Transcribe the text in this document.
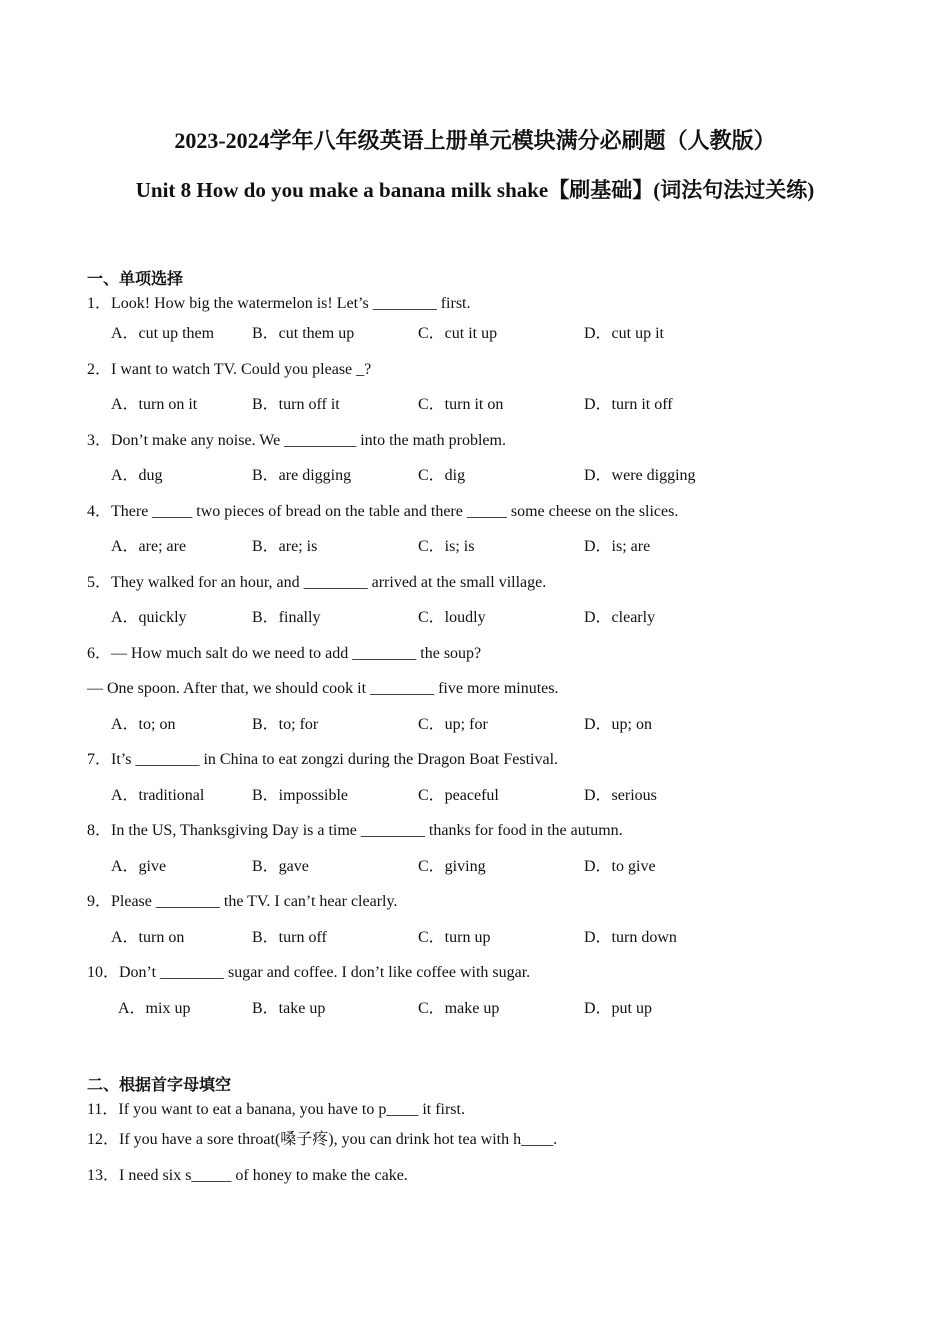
2023-2024学年八年级英语上册单元模块满分必刷题（人教版）
Unit 8 How do you make a banana milk shake【刷基础】(词法句法过关练)
一、单项选择
1．Look! How big the watermelon is! Let’s ________ first.
A．cut up them B．cut them up	C．cut it up	D．cut up it
2．I want to watch TV. Could you please _?
A．turn on it	B．turn off it	C．turn it on	D．turn it off
3．Don’t make any noise. We _________ into the math problem.
A．dug	B．are digging	C．dig	D．were digging
4．There _____ two pieces of bread on the table and there _____ some cheese on the slices.
A．are; are	B．are; is	C．is; is	D．is; are
5．They walked for an hour, and ________ arrived at the small village.
A．quickly	B．finally	C．loudly	D．clearly
6．— How much salt do we need to add ________ the soup?
— One spoon. After that, we should cook it ________ five more minutes.
A．to; on	B．to; for	C．up; for	D．up; on
7．It’s ________ in China to eat zongzi during the Dragon Boat Festival.
A．traditional	B．impossible	C．peaceful	D．serious
8．In the US, Thanksgiving Day is a time ________ thanks for food in the autumn.
A．give	B．gave	C．giving	D．to give
9．Please ________ the TV. I can’t hear clearly.
A．turn on	B．turn off	C．turn up	D．turn down
10．Don’t ________ sugar and coffee. I don’t like coffee with sugar.
A．mix up	B．take up	C．make up	D．put up
二、根据首字母填空
11．If you want to eat a banana, you have to p____ it first.
12．If you have a sore throat(嗓子疼), you can drink hot tea with h____.
13．I need six s_____ of honey to make the cake.
